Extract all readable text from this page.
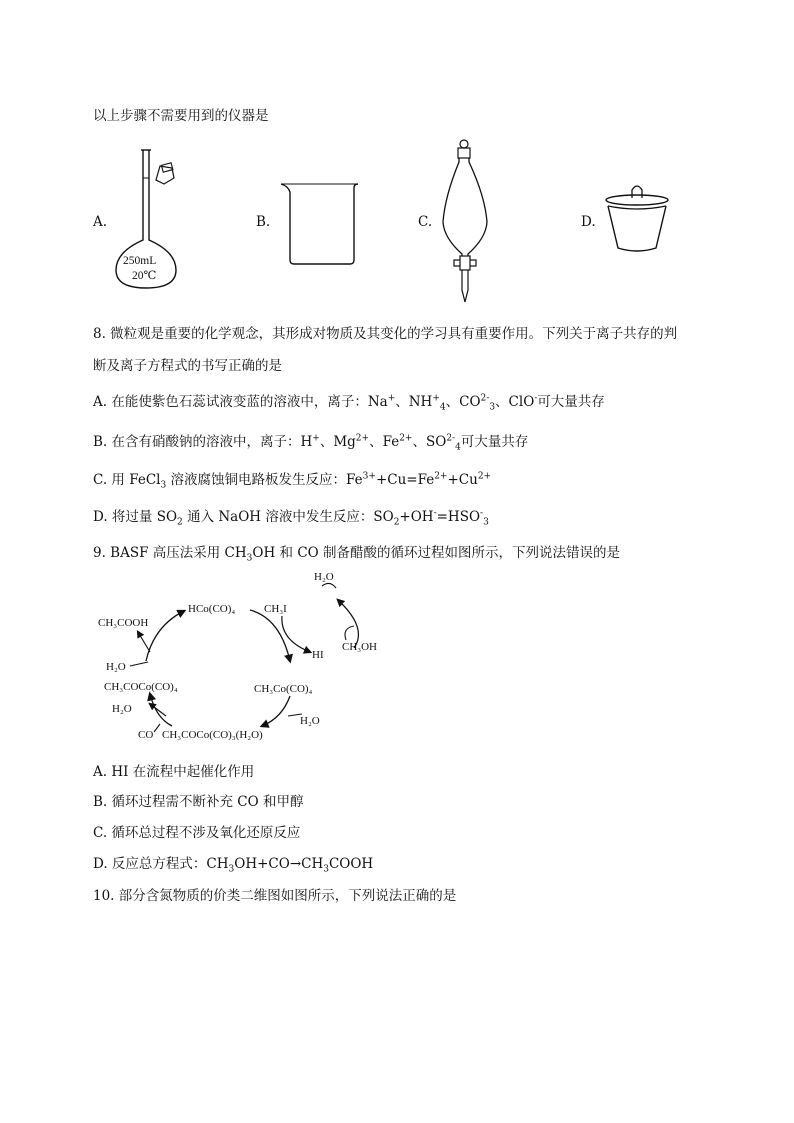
以上步骤不需要用到的仪器是
A.
250mL
20℃
B.	C.	D.
8. 微粒观是重要的化学观念，其形成对物质及其变化的学习具有重要作用。下列关于离子共存的判
断及离子方程式的书写正确的是
A. 在能使紫色石蕊试液变蓝的溶液中，离子：Na+、$NH^+_4$、$CO^{2-}_3$、ClO-可大量共存
B. 在含有硝酸钠的溶液中，离子：H+、$Mg^{2+}$、$Fe^{2+}$、$SO^{2-}_4$可大量共存
C. 用 FeCl$_3$ 溶液腐蚀铜电路板发生反应：$Fe^{3+}+Cu=Fe^{2+}+Cu^{2+}$
D. 将过量 $SO_2$ 通入 NaOH 溶液中发生反应：$SO_2+OH^-=HSO^-_3$
9. BASF 高压法采用 $CH_3OH$ 和 CO 制备醋酸的循环过程如图所示，下列说法错误的是
CH₃COOH
HCo(CO)₄	CH₃I
H₂O
HI
CH₃OH
H₂O
CH₃COCo(CO)₄	CH₃Co(CO)₄
H₂O
H₂O
CO CH₃COCo(CO)₃(H₂O)
A. HI 在流程中起催化作用
B. 循环过程需不断补充 CO 和甲醇
C. 循环总过程不涉及氧化还原反应
D. 反应总方程式：$CH_3OH+CO\to CH_3COOH$
10. 部分含氮物质的价类二维图如图所示，下列说法正确的是
